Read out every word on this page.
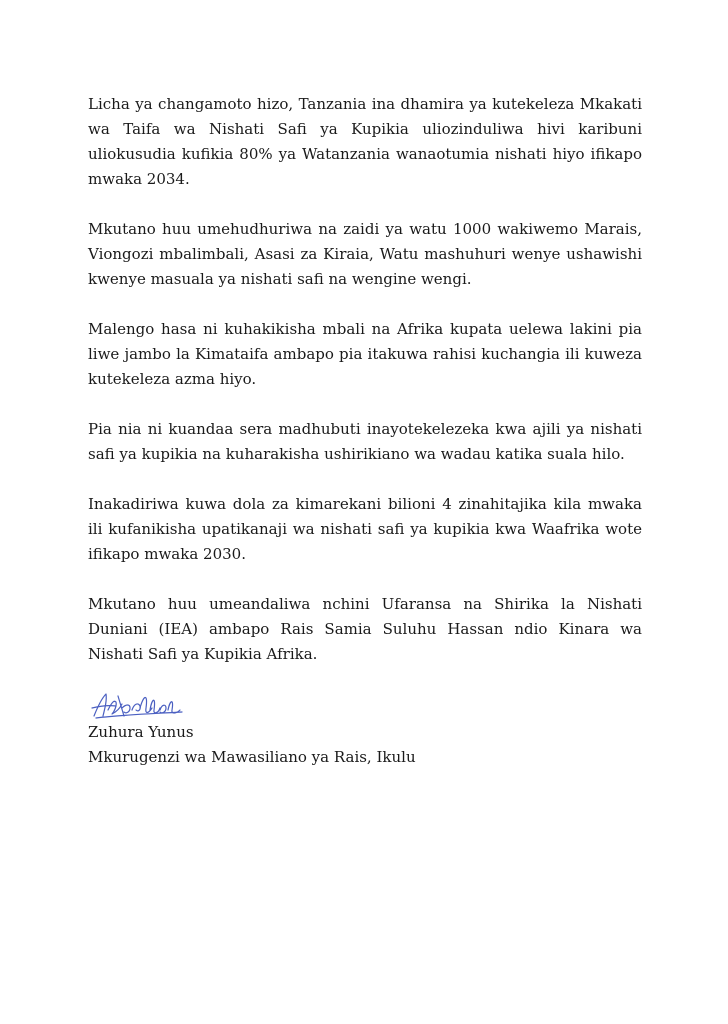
Licha ya changamoto hizo, Tanzania ina dhamira ya kutekeleza Mkakati wa Taifa wa Nishati Safi ya Kupikia uliozinduliwa hivi karibuni uliokusudia kufikia 80% ya Watanzania wanaotumia nishati hiyo ifikapo mwaka 2034.

Mkutano huu umehudhuriwa na zaidi ya watu 1000 wakiwemo Marais, Viongozi mbalimbali, Asasi za Kiraia, Watu mashuhuri wenye ushawishi kwenye masuala ya nishati safi na wengine wengi.

Malengo hasa ni kuhakikisha mbali na Afrika kupata uelewa lakini pia liwe jambo la Kimataifa ambapo pia itakuwa rahisi kuchangia ili kuweza kutekeleza azma hiyo.

Pia nia ni kuandaa sera madhubuti inayotekelezeka kwa ajili ya nishati safi ya kupikia na kuharakisha ushirikiano wa wadau katika suala hilo.

Inakadiriwa kuwa dola za kimarekani bilioni 4 zinahitajika kila mwaka ili kufanikisha upatikanaji wa nishati safi ya kupikia kwa Waafrika wote ifikapo mwaka 2030.

Mkutano huu umeandaliwa nchini Ufaransa na Shirika la Nishati Duniani (IEA) ambapo Rais Samia Suluhu Hassan ndio Kinara wa Nishati Safi ya Kupikia Afrika.

Zuhura Yunus

Mkurugenzi wa Mawasiliano ya Rais, Ikulu
